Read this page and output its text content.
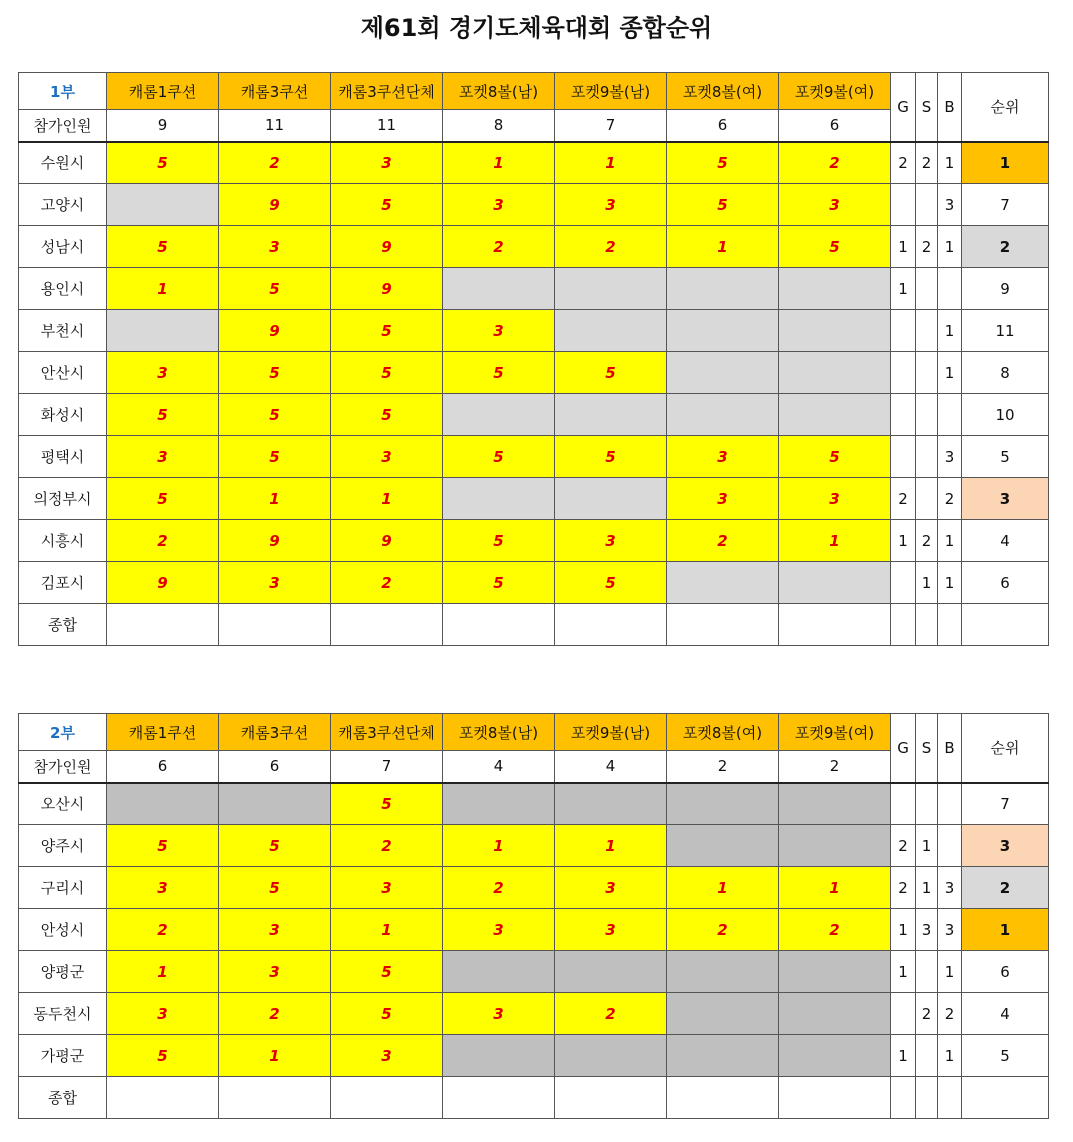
제61회 경기도체육대회 종합순위
1부	캐롬1쿠션	캐롬3쿠션	캐롬3쿠션단체	포켓8볼(남)	포켓9볼(남)	포켓8볼(여)	포켓9볼(여)	G	S	B	순위
참가인원	9	11	11	8	7	6	6				
수원시	5	2	3	1	1	5	2	2	2	1	1
고양시		9	5	3	3	5	3			3	7
성남시	5	3	9	2	2	1	5	1	2	1	2
용인시	1	5	9					1			9
부천시		9	5	3						1	11
안산시	3	5	5	5	5					1	8
화성시	5	5	5								10
평택시	3	5	3	5	5	3	5			3	5
의정부시	5	1	1			3	3	2		2	3
시흥시	2	9	9	5	3	2	1	1	2	1	4
김포시	9	3	2	5	5				1	1	6
종합											
2부	캐롬1쿠션	캐롬3쿠션	캐롬3쿠션단체	포켓8볼(남)	포켓9볼(남)	포켓8볼(여)	포켓9볼(여)	G	S	B	순위
참가인원	6	6	7	4	4	2	2				
오산시			5								7
양주시	5	5	2	1	1			2	1		3
구리시	3	5	3	2	3	1	1	2	1	3	2
안성시	2	3	1	3	3	2	2	1	3	3	1
양평군	1	3	5					1		1	6
동두천시	3	2	5	3	2				2	2	4
가평군	5	1	3					1		1	5
종합											
